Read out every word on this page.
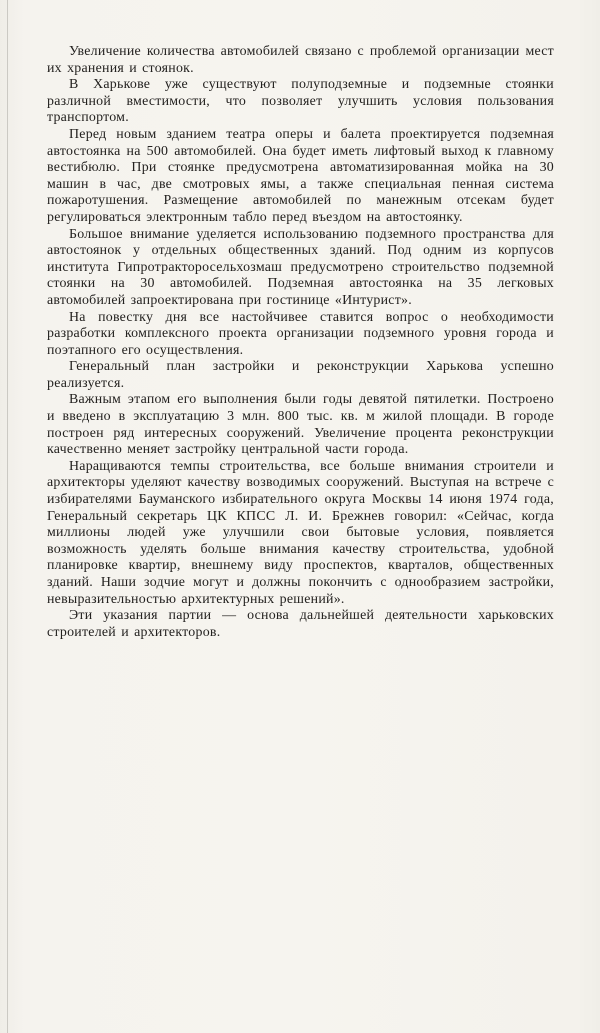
Увеличение количества автомобилей связано с проблемой организации мест их хранения и стоянок.

В Харькове уже существуют полуподземные и подземные стоянки различной вместимости, что позволяет улучшить условия пользования транспортом.

Перед новым зданием театра оперы и балета проектируется подземная автостоянка на 500 автомобилей. Она будет иметь лифтовый выход к главному вестибюлю. При стоянке предусмотрена автоматизированная мойка на 30 машин в час, две смотровых ямы, а также специальная пенная система пожаротушения. Размещение автомобилей по манежным отсекам будет регулироваться электронным табло перед въездом на автостоянку.

Большое внимание уделяется использованию подземного пространства для автостоянок у отдельных общественных зданий. Под одним из корпусов института Гипротракторосельхозмаш предусмотрено строительство подземной стоянки на 30 автомобилей. Подземная автостоянка на 35 легковых автомобилей запроектирована при гостинице «Интурист».

На повестку дня все настойчивее ставится вопрос о необходимости разработки комплексного проекта организации подземного уровня города и поэтапного его осуществления.

Генеральный план застройки и реконструкции Харькова успешно реализуется.

Важным этапом его выполнения были годы девятой пятилетки. Построено и введено в эксплуатацию 3 млн. 800 тыс. кв. м жилой площади. В городе построен ряд интересных сооружений. Увеличение процента реконструкции качественно меняет застройку центральной части города.

Наращиваются темпы строительства, все больше внимания строители и архитекторы уделяют качеству возводимых сооружений. Выступая на встрече с избирателями Бауманского избирательного округа Москвы 14 июня 1974 года, Генеральный секретарь ЦК КПСС Л. И. Брежнев говорил: «Сейчас, когда миллионы людей уже улучшили свои бытовые условия, появляется возможность уделять больше внимания качеству строительства, удобной планировке квартир, внешнему виду проспектов, кварталов, общественных зданий. Наши зодчие могут и должны покончить с однообразием застройки, невыразительностью архитектурных решений».

Эти указания партии — основа дальнейшей деятельности харьковских строителей и архитекторов.
